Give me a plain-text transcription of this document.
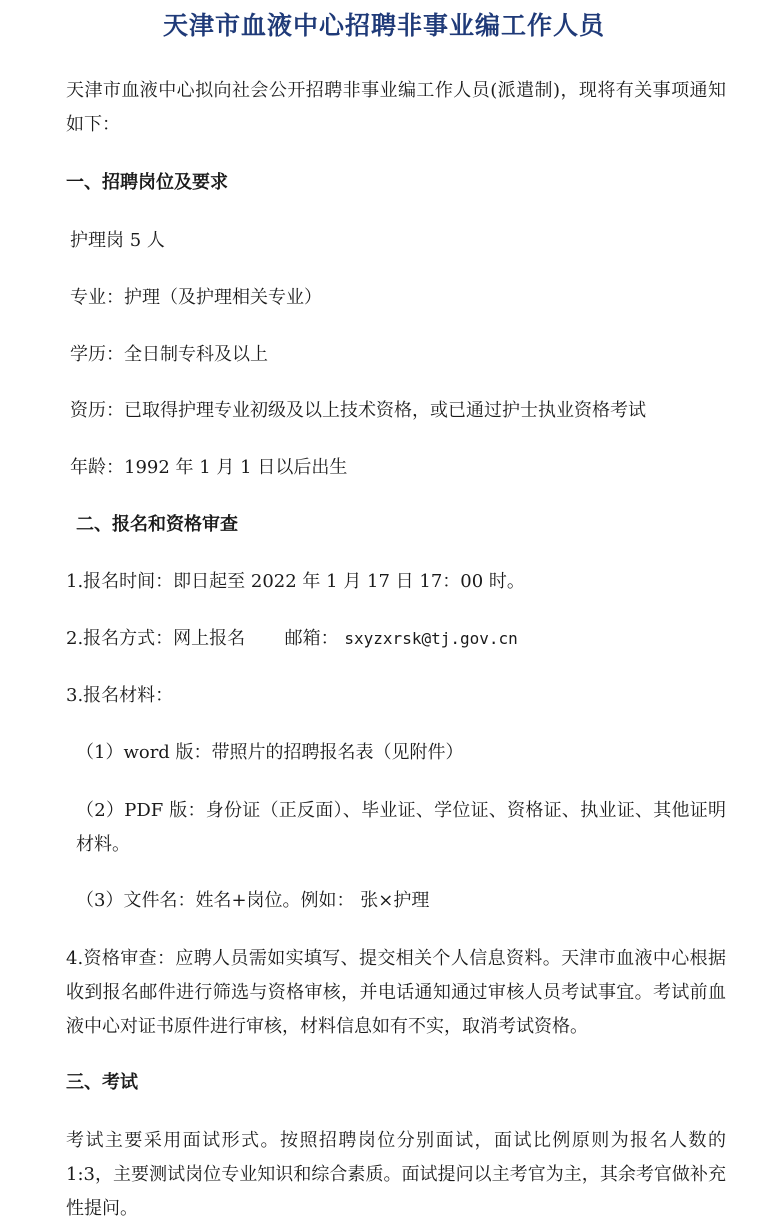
天津市血液中心招聘非事业编工作人员
天津市血液中心拟向社会公开招聘非事业编工作人员(派遣制)，现将有关事项通知如下：
一、招聘岗位及要求
护理岗 5 人
专业：护理（及护理相关专业）
学历：全日制专科及以上
资历：已取得护理专业初级及以上技术资格，或已通过护士执业资格考试
年龄：1992 年 1 月 1 日以后出生
二、报名和资格审查
1.报名时间：即日起至 2022 年 1 月 17 日 17：00 时。
2.报名方式：网上报名 邮箱： sxyzxrsk@tj.gov.cn
3.报名材料：
（1）word 版：带照片的招聘报名表（见附件）
（2）PDF 版：身份证（正反面）、毕业证、学位证、资格证、执业证、其他证明材料。
（3）文件名：姓名+岗位。例如： 张×护理
4.资格审查：应聘人员需如实填写、提交相关个人信息资料。天津市血液中心根据收到报名邮件进行筛选与资格审核，并电话通知通过审核人员考试事宜。考试前血液中心对证书原件进行审核，材料信息如有不实，取消考试资格。
三、考试
考试主要采用面试形式。按照招聘岗位分别面试，面试比例原则为报名人数的 1:3，主要测试岗位专业知识和综合素质。面试提问以主考官为主，其余考官做补充性提问。
